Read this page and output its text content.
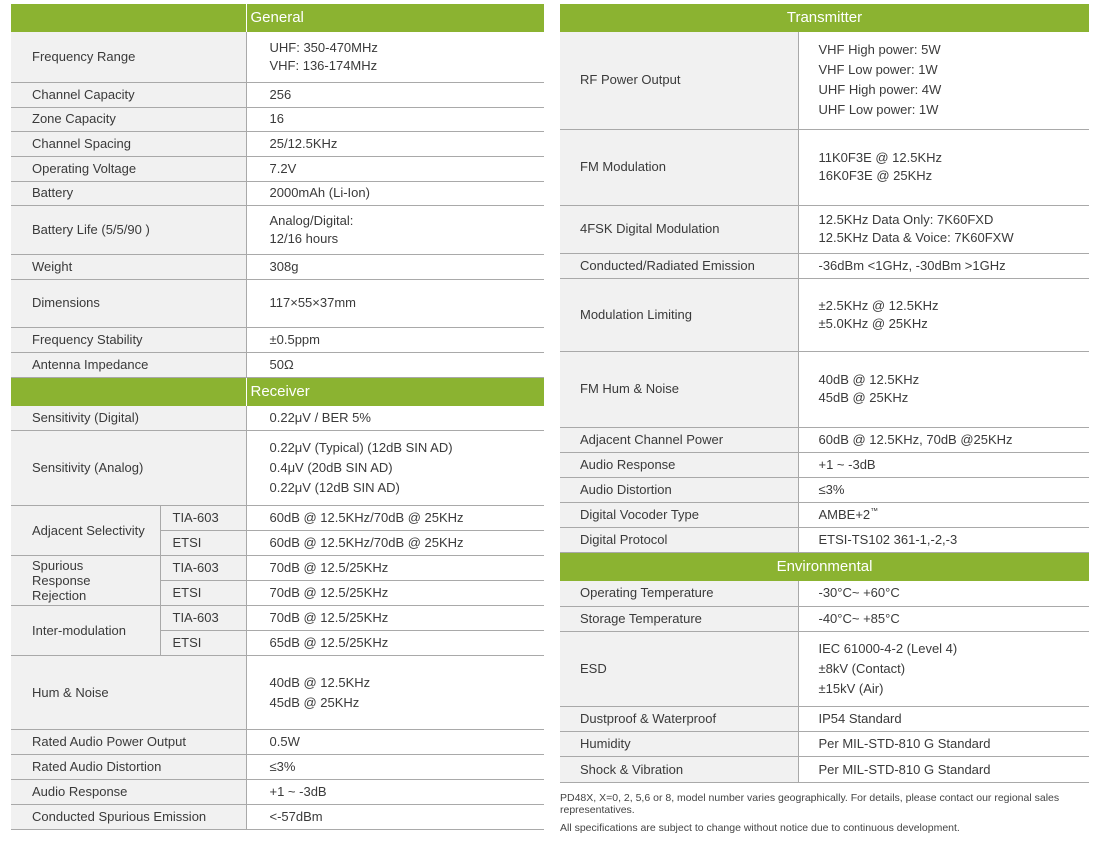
		General
Frequency Range		UHF: 350-470MHz
VHF: 136-174MHz

Channel Capacity		256
Zone Capacity		16
Channel Spacing		25/12.5KHz
Operating Voltage		7.2V
Battery		2000mAh (Li-Ion)
Battery Life (5/5/90 )		Analog/Digital:
12/16 hours

Weight		308g
Dimensions		117×55×37mm
Frequency Stability		±0.5ppm
Antenna Impedance		50Ω
		Receiver
Sensitivity (Digital)		0.22μV / BER 5%
Sensitivity (Analog)		0.22μV (Typical) (12dB SIN AD)
0.4μV (20dB SIN AD)
0.22μV (12dB SIN AD)

Adjacent Selectivity	TIA-603	60dB @ 12.5KHz/70dB @ 25KHz
	ETSI	60dB @ 12.5KHz/70dB @ 25KHz

Spurious
Response
Rejection	TIA-603	70dB @ 12.5/25KHz
	ETSI	70dB @ 12.5/25KHz
Inter-modulation	TIA-603	70dB @ 12.5/25KHz
	ETSI	65dB @ 12.5/25KHz
Hum & Noise		40dB @ 12.5KHz
45dB @ 25KHz

Rated Audio Power Output		0.5W
Rated Audio Distortion		≤3%
Audio Response		+1 ~ -3dB
Conducted Spurious Emission		<-57dBm
Transmitter	
RF Power Output	VHF High power: 5W
VHF Low power: 1W
UHF High power: 4W
UHF Low power: 1W

FM Modulation	11K0F3E @ 12.5KHz
16K0F3E @ 25KHz

4FSK Digital Modulation	12.5KHz Data Only: 7K60FXD
12.5KHz Data & Voice: 7K60FXW

Conducted/Radiated Emission	-36dBm <1GHz, -30dBm >1GHz
Modulation Limiting	±2.5KHz @ 12.5KHz
±5.0KHz @ 25KHz

FM Hum & Noise	40dB @ 12.5KHz
45dB @ 25KHz

Adjacent Channel Power	60dB @ 12.5KHz, 70dB @25KHz
Audio Response	+1 ~ -3dB
Audio Distortion	≤3%
Digital Vocoder Type	AMBE+2™
Digital Protocol	ETSI-TS102 361-1,-2,-3
Environmental	
Operating Temperature	-30°C~ +60°C
Storage Temperature	-40°C~ +85°C
ESD	IEC 61000-4-2 (Level 4)
±8kV (Contact)
±15kV (Air)

Dustproof & Waterproof	IP54 Standard
Humidity	Per MIL-STD-810 G Standard
Shock & Vibration	Per MIL-STD-810 G Standard

PD48X, X=0, 2, 5,6 or 8, model number varies geographically. For details, please contact our regional sales representatives.

All specifications are subject to change without notice due to continuous development.
